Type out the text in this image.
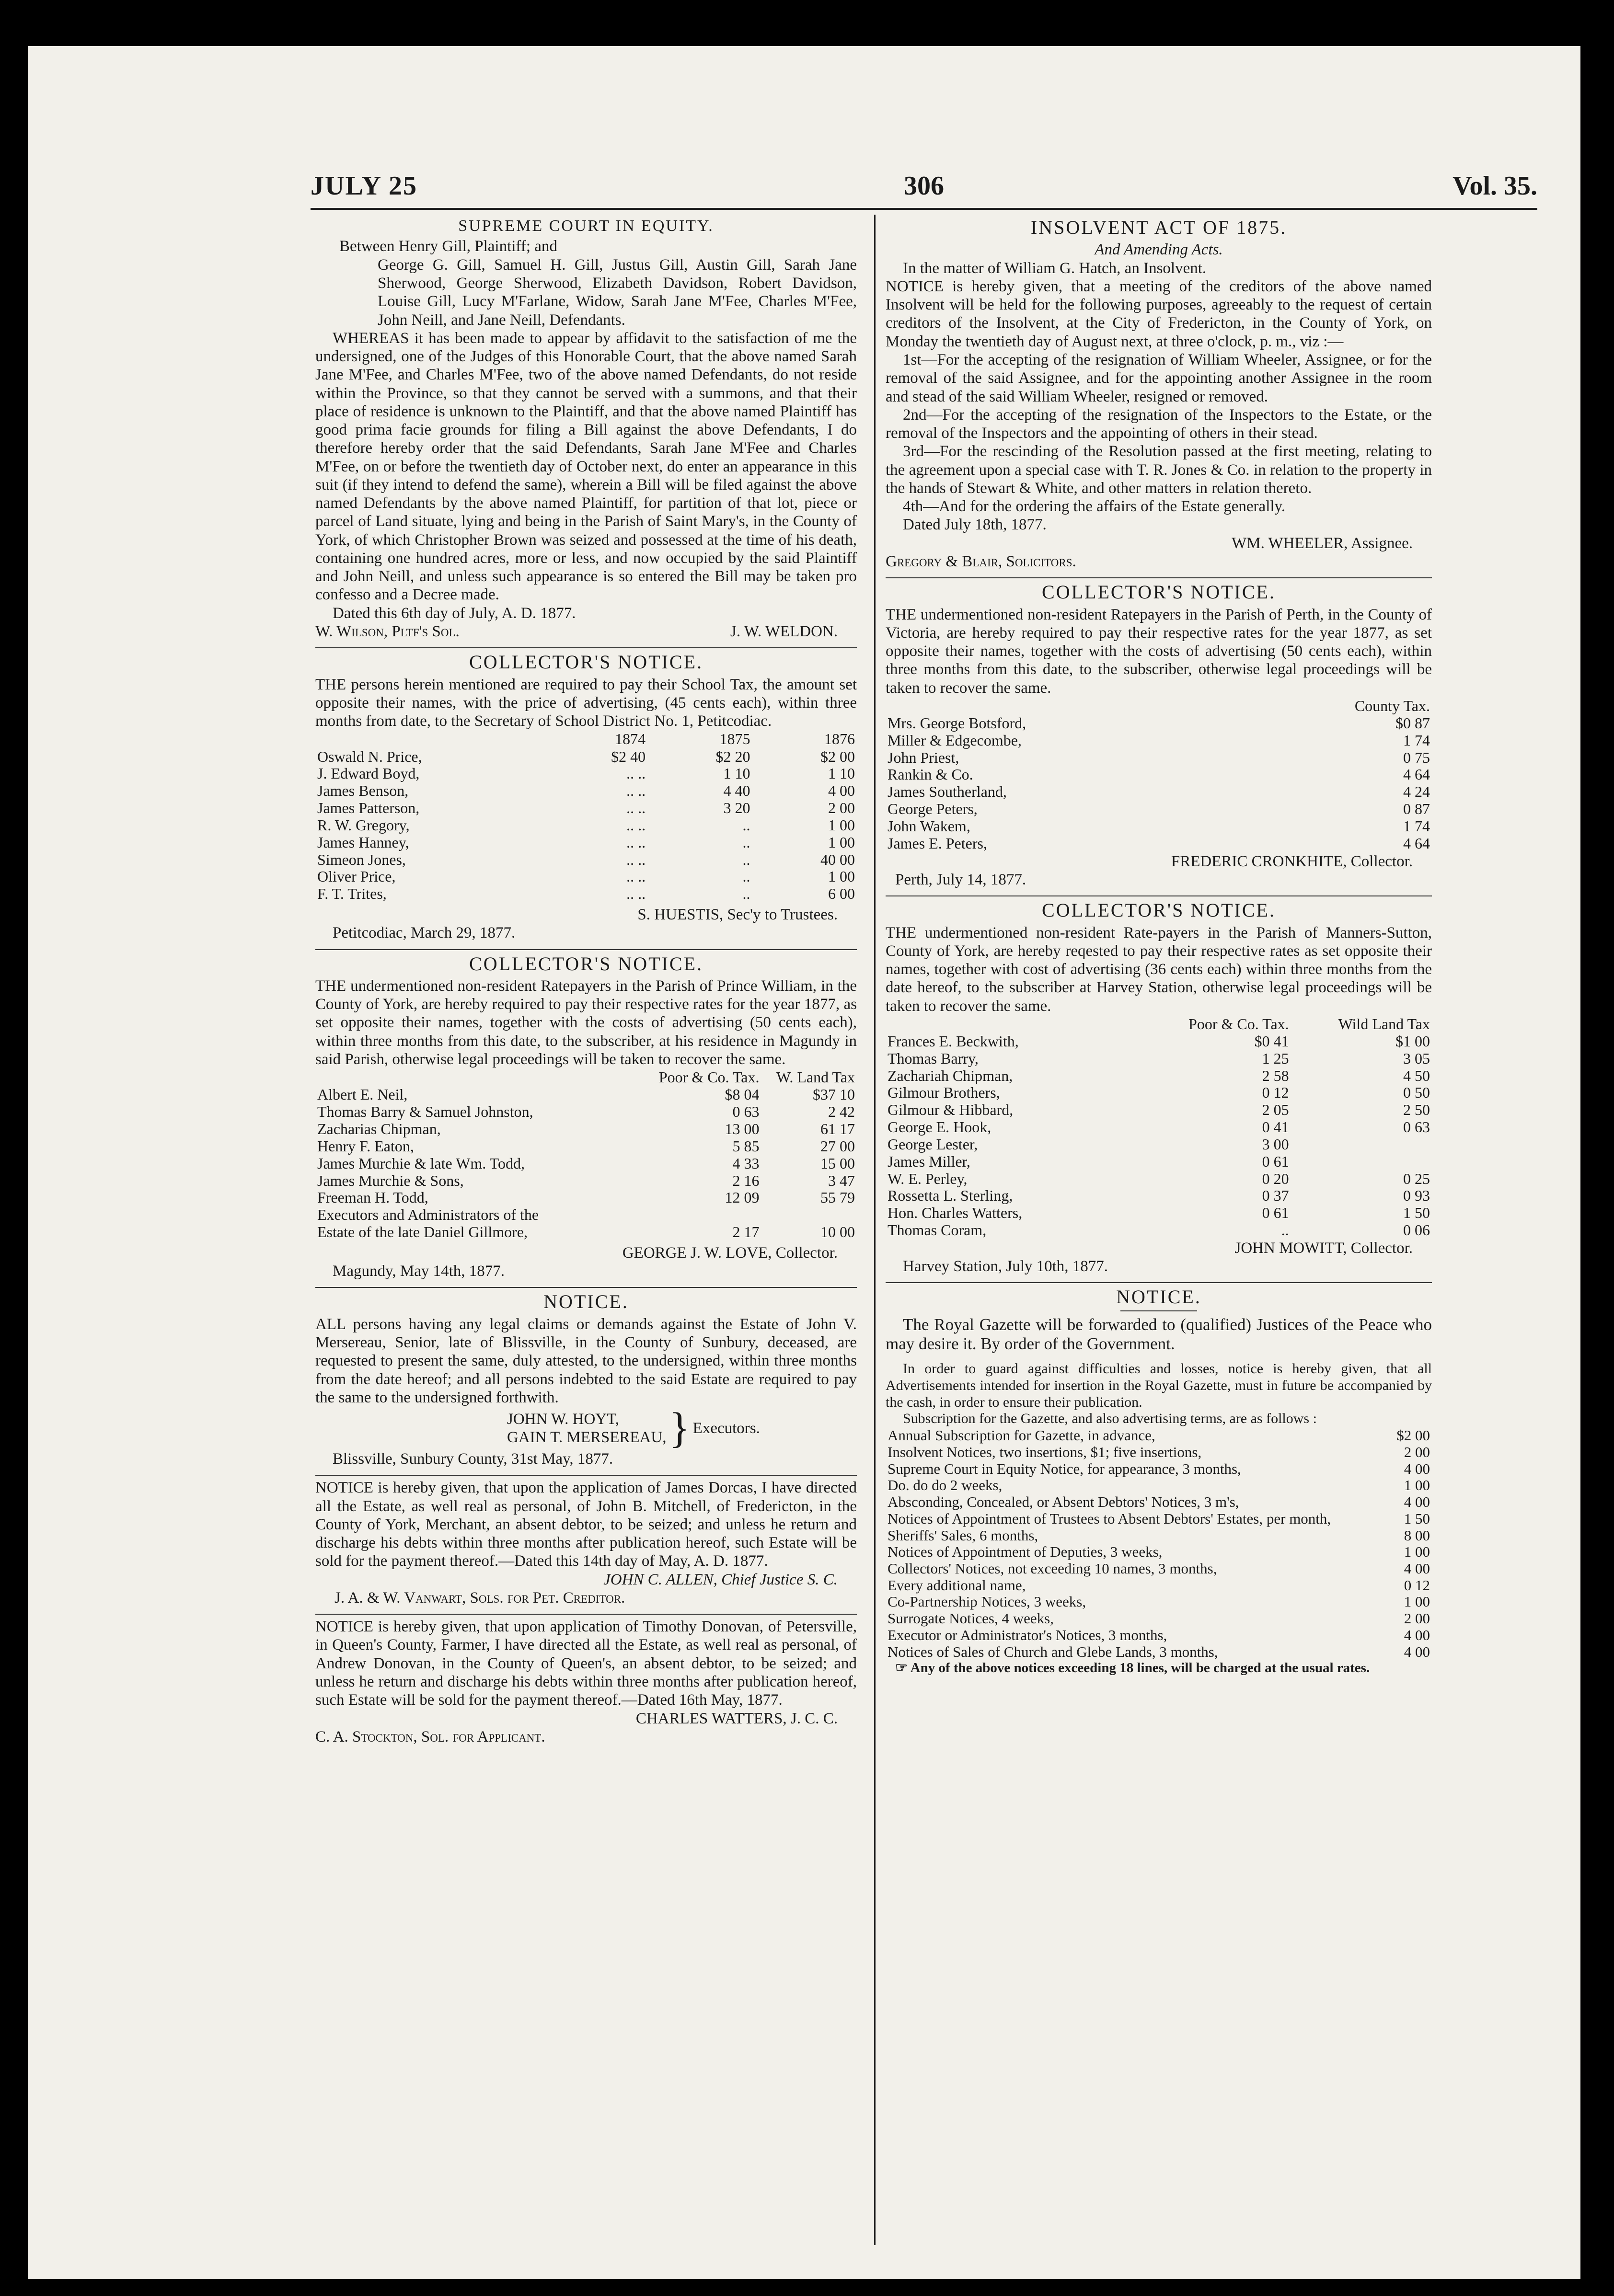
JULY 25	306	Vol. 35.
SUPREME COURT IN EQUITY.

Between Henry Gill, Plaintiff; and

George G. Gill, Samuel H. Gill, Justus Gill, Austin Gill, Sarah Jane Sherwood, George Sherwood, Elizabeth Davidson, Robert Davidson, Louise Gill, Lucy M'Farlane, Widow, Sarah Jane M'Fee, Charles M'Fee, John Neill, and Jane Neill, Defendants.

WHEREAS it has been made to appear by affidavit to the satisfaction of me the undersigned, one of the Judges of this Honorable Court, that the above named Sarah Jane M'Fee, and Charles M'Fee, two of the above named Defendants, do not reside within the Province, so that they cannot be served with a summons, and that their place of residence is unknown to the Plaintiff, and that the above named Plaintiff has good prima facie grounds for filing a Bill against the above Defendants, I do therefore hereby order that the said Defendants, Sarah Jane M'Fee and Charles M'Fee, on or before the twentieth day of October next, do enter an appearance in this suit (if they intend to defend the same), wherein a Bill will be filed against the above named Defendants by the above named Plaintiff, for partition of that lot, piece or parcel of Land situate, lying and being in the Parish of Saint Mary's, in the County of York, of which Christopher Brown was seized and possessed at the time of his death, containing one hundred acres, more or less, and now occupied by the said Plaintiff and John Neill, and unless such appearance is so entered the Bill may be taken pro confesso and a Decree made.

Dated this 6th day of July, A. D. 1877.

W. Wilson, Pltf's Sol.	J. W. WELDON.
COLLECTOR'S NOTICE.

THE persons herein mentioned are required to pay their School Tax, the amount set opposite their names, with the price of advertising, (45 cents each), within three months from date, to the Secretary of School District No. 1, Petitcodiac.

	1874	1875	1876
Oswald N. Price,	$2 40	$2 20	$2 00
J. Edward Boyd,	.. ..	1 10	1 10
James Benson,	.. ..	4 40	4 00
James Patterson,	.. ..	3 20	2 00
R. W. Gregory,	.. ..	..	1 00
James Hanney,	.. ..	..	1 00
Simeon Jones,	.. ..	..	40 00
Oliver Price,	.. ..	..	1 00
F. T. Trites,	.. ..	..	6 00
S. HUESTIS, Sec'y to Trustees.

Petitcodiac, March 29, 1877.

COLLECTOR'S NOTICE.

THE undermentioned non-resident Ratepayers in the Parish of Prince William, in the County of York, are hereby required to pay their respective rates for the year 1877, as set opposite their names, together with the costs of advertising (50 cents each), within three months from this date, to the subscriber, at his residence in Magundy in said Parish, otherwise legal proceedings will be taken to recover the same.

	Poor & Co. Tax.	W. Land Tax
Albert E. Neil,	$8 04	$37 10
Thomas Barry & Samuel Johnston,	0 63	2 42
Zacharias Chipman,	13 00	61 17
Henry F. Eaton,	5 85	27 00
James Murchie & late Wm. Todd,	4 33	15 00
James Murchie & Sons,	2 16	3 47
Freeman H. Todd,	12 09	55 79
Executors and Administrators of the		
Estate of the late Daniel Gillmore,	2 17	10 00
GEORGE J. W. LOVE, Collector.

Magundy, May 14th, 1877.

NOTICE.

ALL persons having any legal claims or demands against the Estate of John V. Mersereau, Senior, late of Blissville, in the County of Sunbury, deceased, are requested to present the same, duly attested, to the undersigned, within three months from the date hereof; and all persons indebted to the said Estate are required to pay the same to the undersigned forthwith.

JOHN W. HOYT,
GAIN T. MERSEREAU, } Executors.

Blissville, Sunbury County, 31st May, 1877.

NOTICE is hereby given, that upon the application of James Dorcas, I have directed all the Estate, as well real as personal, of John B. Mitchell, of Fredericton, in the County of York, Merchant, an absent debtor, to be seized; and unless he return and discharge his debts within three months after publication hereof, such Estate will be sold for the payment thereof.—Dated this 14th day of May, A. D. 1877.

JOHN C. ALLEN, Chief Justice S. C.
J. A. & W. Vanwart, Sols. for Pet. Creditor.

NOTICE is hereby given, that upon application of Timothy Donovan, of Petersville, in Queen's County, Farmer, I have directed all the Estate, as well real as personal, of Andrew Donovan, in the County of Queen's, an absent debtor, to be seized; and unless he return and discharge his debts within three months after publication hereof, such Estate will be sold for the payment thereof.—Dated 16th May, 1877.

CHARLES WATTERS, J. C. C.
C. A. Stockton, Sol. for Applicant.
INSOLVENT ACT OF 1875.
And Amending Acts.

In the matter of William G. Hatch, an Insolvent.

NOTICE is hereby given, that a meeting of the creditors of the above named Insolvent will be held for the following purposes, agreeably to the request of certain creditors of the Insolvent, at the City of Fredericton, in the County of York, on Monday the twentieth day of August next, at three o'clock, p. m., viz :—

1st—For the accepting of the resignation of William Wheeler, Assignee, or for the removal of the said Assignee, and for the appointing another Assignee in the room and stead of the said William Wheeler, resigned or removed.

2nd—For the accepting of the resignation of the Inspectors to the Estate, or the removal of the Inspectors and the appointing of others in their stead.

3rd—For the rescinding of the Resolution passed at the first meeting, relating to the agreement upon a special case with T. R. Jones & Co. in relation to the property in the hands of Stewart & White, and other matters in relation thereto.

4th—And for the ordering the affairs of the Estate generally.

Dated July 18th, 1877.

WM. WHEELER, Assignee.
Gregory & Blair, Solicitors.
COLLECTOR'S NOTICE.

THE undermentioned non-resident Ratepayers in the Parish of Perth, in the County of Victoria, are hereby required to pay their respective rates for the year 1877, as set opposite their names, together with the costs of advertising (50 cents each), within three months from this date, to the subscriber, otherwise legal proceedings will be taken to recover the same.

	County Tax.
Mrs. George Botsford,	$0 87
Miller & Edgecombe,	1 74
John Priest,	0 75
Rankin & Co.	4 64
James Southerland,	4 24
George Peters,	0 87
John Wakem,	1 74
James E. Peters,	4 64
FREDERIC CRONKHITE, Collector.

Perth, July 14, 1877.

COLLECTOR'S NOTICE.

THE undermentioned non-resident Rate-payers in the Parish of Manners-Sutton, County of York, are hereby reqested to pay their respective rates as set opposite their names, together with cost of advertising (36 cents each) within three months from the date hereof, to the subscriber at Harvey Station, otherwise legal proceedings will be taken to recover the same.

	Poor & Co. Tax.	Wild Land Tax
Frances E. Beckwith,	$0 41	$1 00
Thomas Barry,	1 25	3 05
Zachariah Chipman,	2 58	4 50
Gilmour Brothers,	0 12	0 50
Gilmour & Hibbard,	2 05	2 50
George E. Hook,	0 41	0 63
George Lester,	3 00	
James Miller,	0 61	
W. E. Perley,	0 20	0 25
Rossetta L. Sterling,	0 37	0 93
Hon. Charles Watters,	0 61	1 50
Thomas Coram,	..	0 06
JOHN MOWITT, Collector.

Harvey Station, July 10th, 1877.

NOTICE.

The Royal Gazette will be forwarded to (qualified) Justices of the Peace who may desire it. By order of the Government.

In order to guard against difficulties and losses, notice is hereby given, that all Advertisements intended for insertion in the Royal Gazette, must in future be accompanied by the cash, in order to ensure their publication.

Subscription for the Gazette, and also advertising terms, are as follows :

Annual Subscription for Gazette, in advance,	$2 00
Insolvent Notices, two insertions, $1; five insertions,	2 00
Supreme Court in Equity Notice, for appearance, 3 months,	4 00
Do. do do 2 weeks,	1 00
Absconding, Concealed, or Absent Debtors' Notices, 3 m's,	4 00
Notices of Appointment of Trustees to Absent Debtors' Estates, per month,	1 50
Sheriffs' Sales, 6 months,	8 00
Notices of Appointment of Deputies, 3 weeks,	1 00
Collectors' Notices, not exceeding 10 names, 3 months,	4 00
Every additional name,	0 12
Co-Partnership Notices, 3 weeks,	1 00
Surrogate Notices, 4 weeks,	2 00
Executor or Administrator's Notices, 3 months,	4 00
Notices of Sales of Church and Glebe Lands, 3 months,	4 00

☞ Any of the above notices exceeding 18 lines, will be charged at the usual rates.
